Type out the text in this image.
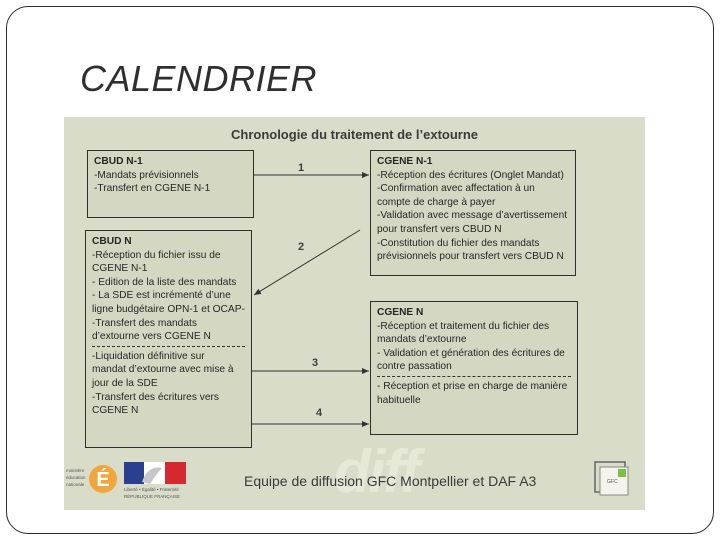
CALENDRIER
diff
Chronologie du traitement de l’extourne
CBUD N-1
-Mandats prévisionnels
-Transfert en CGENE N-1
CGENE N-1
-Réception des écritures (Onglet Mandat)
-Confirmation avec affectation à un
compte de charge à payer
-Validation avec message d’avertissement
pour transfert vers CBUD N
-Constitution du fichier des mandats
prévisionnels pour transfert vers CBUD N
CBUD N
-Réception du fichier issu de
CGENE N-1
- Edition de la liste des mandats
- La SDE est incrémenté d’une
ligne budgétaire OPN-1 et OCAP-
-Transfert des mandats
d’extourne vers CGENE N
-Liquidation définitive sur
mandat d’extourne avec mise à
jour de la SDE
-Transfert des écritures vers
CGENE N
CGENE N
-Réception et traitement du fichier des
mandats d’extourne
- Validation et génération des écritures de
contre passation
- Réception et prise en charge de manière
habituelle
1
2
3
4
ministère
éducation
nationale É	Liberté • Égalité • Fraternité
RÉPUBLIQUE FRANÇAISE
Equipe de diffusion GFC Montpellier et DAF A3	GFC
